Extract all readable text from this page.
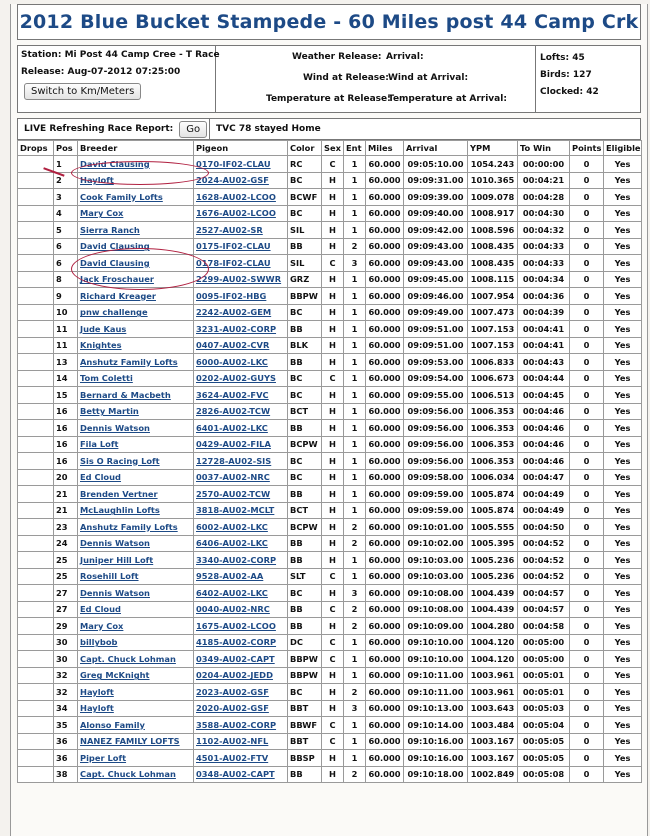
2012 Blue Bucket Stampede - 60 Miles post 44 Camp Crk
Station: Mi Post 44 Camp Cree - T Race
Release: Aug-07-2012 07:25:00
Switch to Km/Meters
Weather Release: Arrival:
Wind at Release: Wind at Arrival:
Temperature at Release:
Temperature at Arrival:
Lofts: 45
Birds: 127
Clocked: 42
LIVE Refreshing Race Report:	Go	TVC 78 stayed Home
Drops	Pos	Breeder	Pigeon	Color	Sex	Ent	Miles	Arrival	YPM	To Win	Points	Eligible
	1	David Clausing	0170-IF02-CLAU	RC	C	1	60.000	09:05:10.00	1054.243	00:00:00	0	Yes
	2	Hayloft	2024-AU02-GSF	BC	H	1	60.000	09:09:31.00	1010.365	00:04:21	0	Yes
	3	Cook Family Lofts	1628-AU02-LCOO	BCWF	H	1	60.000	09:09:39.00	1009.078	00:04:28	0	Yes
	4	Mary Cox	1676-AU02-LCOO	BC	H	1	60.000	09:09:40.00	1008.917	00:04:30	0	Yes
	5	Sierra Ranch	2527-AU02-SR	SIL	H	1	60.000	09:09:42.00	1008.596	00:04:32	0	Yes
	6	David Clausing	0175-IF02-CLAU	BB	H	2	60.000	09:09:43.00	1008.435	00:04:33	0	Yes
	6	David Clausing	0178-IF02-CLAU	SIL	C	3	60.000	09:09:43.00	1008.435	00:04:33	0	Yes
	8	Jack Froschauer	2299-AU02-SWWR	GRZ	H	1	60.000	09:09:45.00	1008.115	00:04:34	0	Yes
	9	Richard Kreager	0095-IF02-HBG	BBPW	H	1	60.000	09:09:46.00	1007.954	00:04:36	0	Yes
	10	pnw challenge	2242-AU02-GEM	BC	H	1	60.000	09:09:49.00	1007.473	00:04:39	0	Yes
	11	Jude Kaus	3231-AU02-CORP	BB	H	1	60.000	09:09:51.00	1007.153	00:04:41	0	Yes
	11	Knightes	0407-AU02-CVR	BLK	H	1	60.000	09:09:51.00	1007.153	00:04:41	0	Yes
	13	Anshutz Family Lofts	6000-AU02-LKC	BB	H	1	60.000	09:09:53.00	1006.833	00:04:43	0	Yes
	14	Tom Coletti	0202-AU02-GUYS	BC	C	1	60.000	09:09:54.00	1006.673	00:04:44	0	Yes
	15	Bernard & Macbeth	3624-AU02-FVC	BC	H	1	60.000	09:09:55.00	1006.513	00:04:45	0	Yes
	16	Betty Martin	2826-AU02-TCW	BCT	H	1	60.000	09:09:56.00	1006.353	00:04:46	0	Yes
	16	Dennis Watson	6401-AU02-LKC	BB	H	1	60.000	09:09:56.00	1006.353	00:04:46	0	Yes
	16	Fila Loft	0429-AU02-FILA	BCPW	H	1	60.000	09:09:56.00	1006.353	00:04:46	0	Yes
	16	Sis O Racing Loft	12728-AU02-SIS	BC	H	1	60.000	09:09:56.00	1006.353	00:04:46	0	Yes
	20	Ed Cloud	0037-AU02-NRC	BC	H	1	60.000	09:09:58.00	1006.034	00:04:47	0	Yes
	21	Brenden Vertner	2570-AU02-TCW	BB	H	1	60.000	09:09:59.00	1005.874	00:04:49	0	Yes
	21	McLaughlin Lofts	3818-AU02-MCLT	BCT	H	1	60.000	09:09:59.00	1005.874	00:04:49	0	Yes
	23	Anshutz Family Lofts	6002-AU02-LKC	BCPW	H	2	60.000	09:10:01.00	1005.555	00:04:50	0	Yes
	24	Dennis Watson	6406-AU02-LKC	BB	H	2	60.000	09:10:02.00	1005.395	00:04:52	0	Yes
	25	Juniper Hill Loft	3340-AU02-CORP	BB	H	1	60.000	09:10:03.00	1005.236	00:04:52	0	Yes
	25	Rosehill Loft	9528-AU02-AA	SLT	C	1	60.000	09:10:03.00	1005.236	00:04:52	0	Yes
	27	Dennis Watson	6402-AU02-LKC	BC	H	3	60.000	09:10:08.00	1004.439	00:04:57	0	Yes
	27	Ed Cloud	0040-AU02-NRC	BB	C	2	60.000	09:10:08.00	1004.439	00:04:57	0	Yes
	29	Mary Cox	1675-AU02-LCOO	BB	H	2	60.000	09:10:09.00	1004.280	00:04:58	0	Yes
	30	billybob	4185-AU02-CORP	DC	C	1	60.000	09:10:10.00	1004.120	00:05:00	0	Yes
	30	Capt. Chuck Lohman	0349-AU02-CAPT	BBPW	C	1	60.000	09:10:10.00	1004.120	00:05:00	0	Yes
	32	Greg McKnight	0204-AU02-JEDD	BBPW	H	1	60.000	09:10:11.00	1003.961	00:05:01	0	Yes
	32	Hayloft	2023-AU02-GSF	BC	H	2	60.000	09:10:11.00	1003.961	00:05:01	0	Yes
	34	Hayloft	2020-AU02-GSF	BBT	H	3	60.000	09:10:13.00	1003.643	00:05:03	0	Yes
	35	Alonso Family	3588-AU02-CORP	BBWF	C	1	60.000	09:10:14.00	1003.484	00:05:04	0	Yes
	36	NANEZ FAMILY LOFTS	1102-AU02-NFL	BBT	C	1	60.000	09:10:16.00	1003.167	00:05:05	0	Yes
	36	Piper Loft	4501-AU02-FTV	BBSP	H	1	60.000	09:10:16.00	1003.167	00:05:05	0	Yes
	38	Capt. Chuck Lohman	0348-AU02-CAPT	BB	H	2	60.000	09:10:18.00	1002.849	00:05:08	0	Yes
